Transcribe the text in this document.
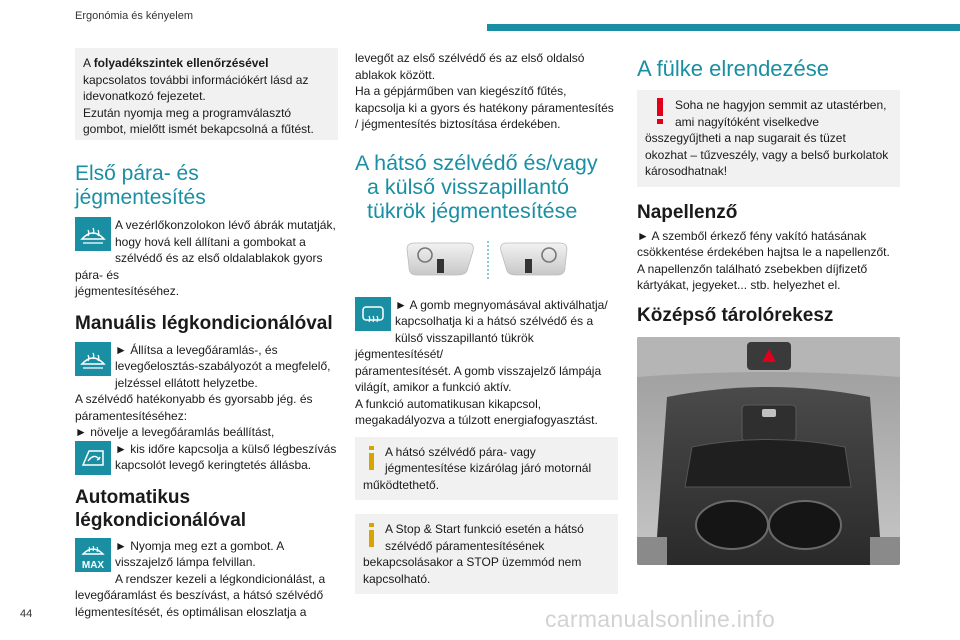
Ergonómia és kényelem

A folyadékszintek ellenőrzésével

kapcsolatos további információkért lásd az

idevonatkozó fejezetet.

Ezután nyomja meg a programválasztó

gombot, mielőtt ismét bekapcsolná a fűtést.

Első pára- és
jégmentesítés

A vezérlőkonzolokon lévő ábrák mutatják,
hogy hová kell állítani a gombokat a
szélvédő és az első oldalablakok gyors pára- és
jégmentesítéséhez.

Manuális légkondicionálóval

► Állítsa a levegőáramlás-, és
levegőelosztás-szabályozót a megfelelő,
jelzéssel ellátott helyzetbe.
A szélvédő hatékonyabb és gyorsabb jég. és
páramentesítéséhez:
► növelje a levegőáramlás beállítást,

► kis időre kapcsolja a külső légbeszívás
kapcsolót levegő keringtetés állásba.

Automatikus
légkondicionálóval
MAX

► Nyomja meg ezt a gombot. A
visszajelző lámpa felvillan.
A rendszer kezeli a légkondicionálást, a
levegőáramlást és beszívást, a hátsó szélvédő
légmentesítését, és optimálisan eloszlatja a

levegőt az első szélvédő és az első oldalsó
ablakok között.
Ha a gépjárműben van kiegészítő fűtés,
kapcsolja ki a gyors és hatékony páramentesítés
/ jégmentesítés biztosítása érdekében.

A hátsó szélvédő és/vagy
a külső visszapillantó
tükrök jégmentesítése

► A gomb megnyomásával aktiválhatja/
kapcsolhatja ki a hátsó szélvédő és a
külső visszapillantó tükrök jégmentesítését/
páramentesítését. A gomb visszajelző lámpája
világít, amikor a funkció aktív.
A funkció automatikusan kikapcsol,
megakadályozva a túlzott energiafogyasztást.

A hátsó szélvédő pára- vagy

jégmentesítése kizárólag járó motornál

működtethető.

A Stop & Start funkció esetén a hátsó

szélvédő páramentesítésének

bekapcsolásakor a STOP üzemmód nem

kapcsolható.

A fülke elrendezése

Soha ne hagyjon semmit az utastérben,

ami nagyítóként viselkedve

összegyűjtheti a nap sugarait és tüzet

okozhat – tűzveszély, vagy a belső burkolatok

károsodhatnak!

Napellenző

► A szemből érkező fény vakító hatásának
csökkentése érdekében hajtsa le a napellenzőt.
A napellenzőn található zsebekben díjfizető
kártyákat, jegyeket... stb. helyezhet el.

Középső tárolórekesz
44	carmanualsonline.info
